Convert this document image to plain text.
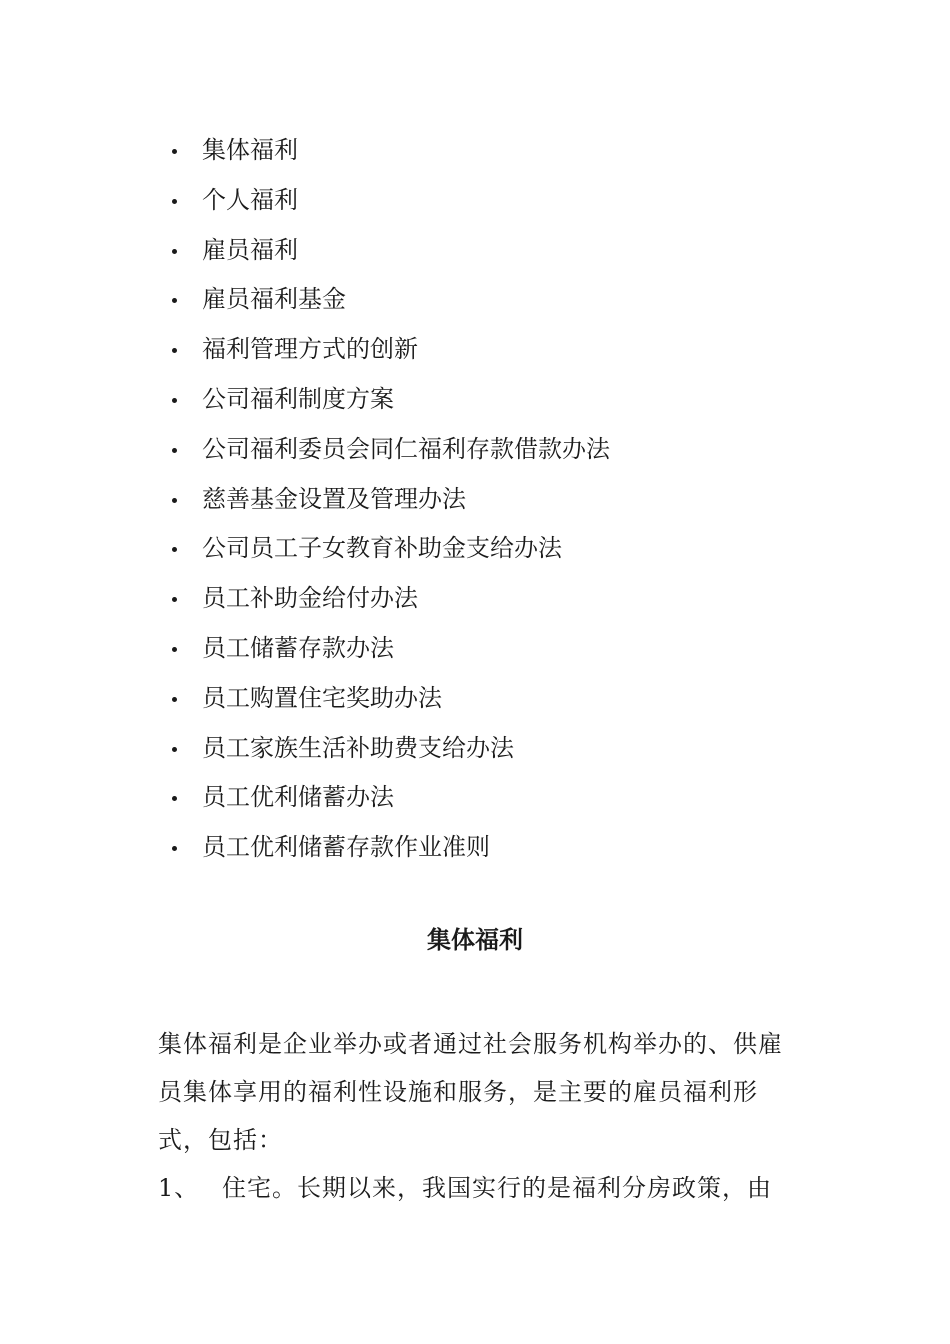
集体福利
个人福利
雇员福利
雇员福利基金
福利管理方式的创新
公司福利制度方案
公司福利委员会同仁福利存款借款办法
慈善基金设置及管理办法
公司员工子女教育补助金支给办法
员工补助金给付办法
员工储蓄存款办法
员工购置住宅奖助办法
员工家族生活补助费支给办法
员工优利储蓄办法
员工优利储蓄存款作业准则
集体福利

集体福利是企业举办或者通过社会服务机构举办的、供雇员集体享用的福利性设施和服务，是主要的雇员福利形式，包括：

1、 住宅。长期以来，我国实行的是福利分房政策，由
